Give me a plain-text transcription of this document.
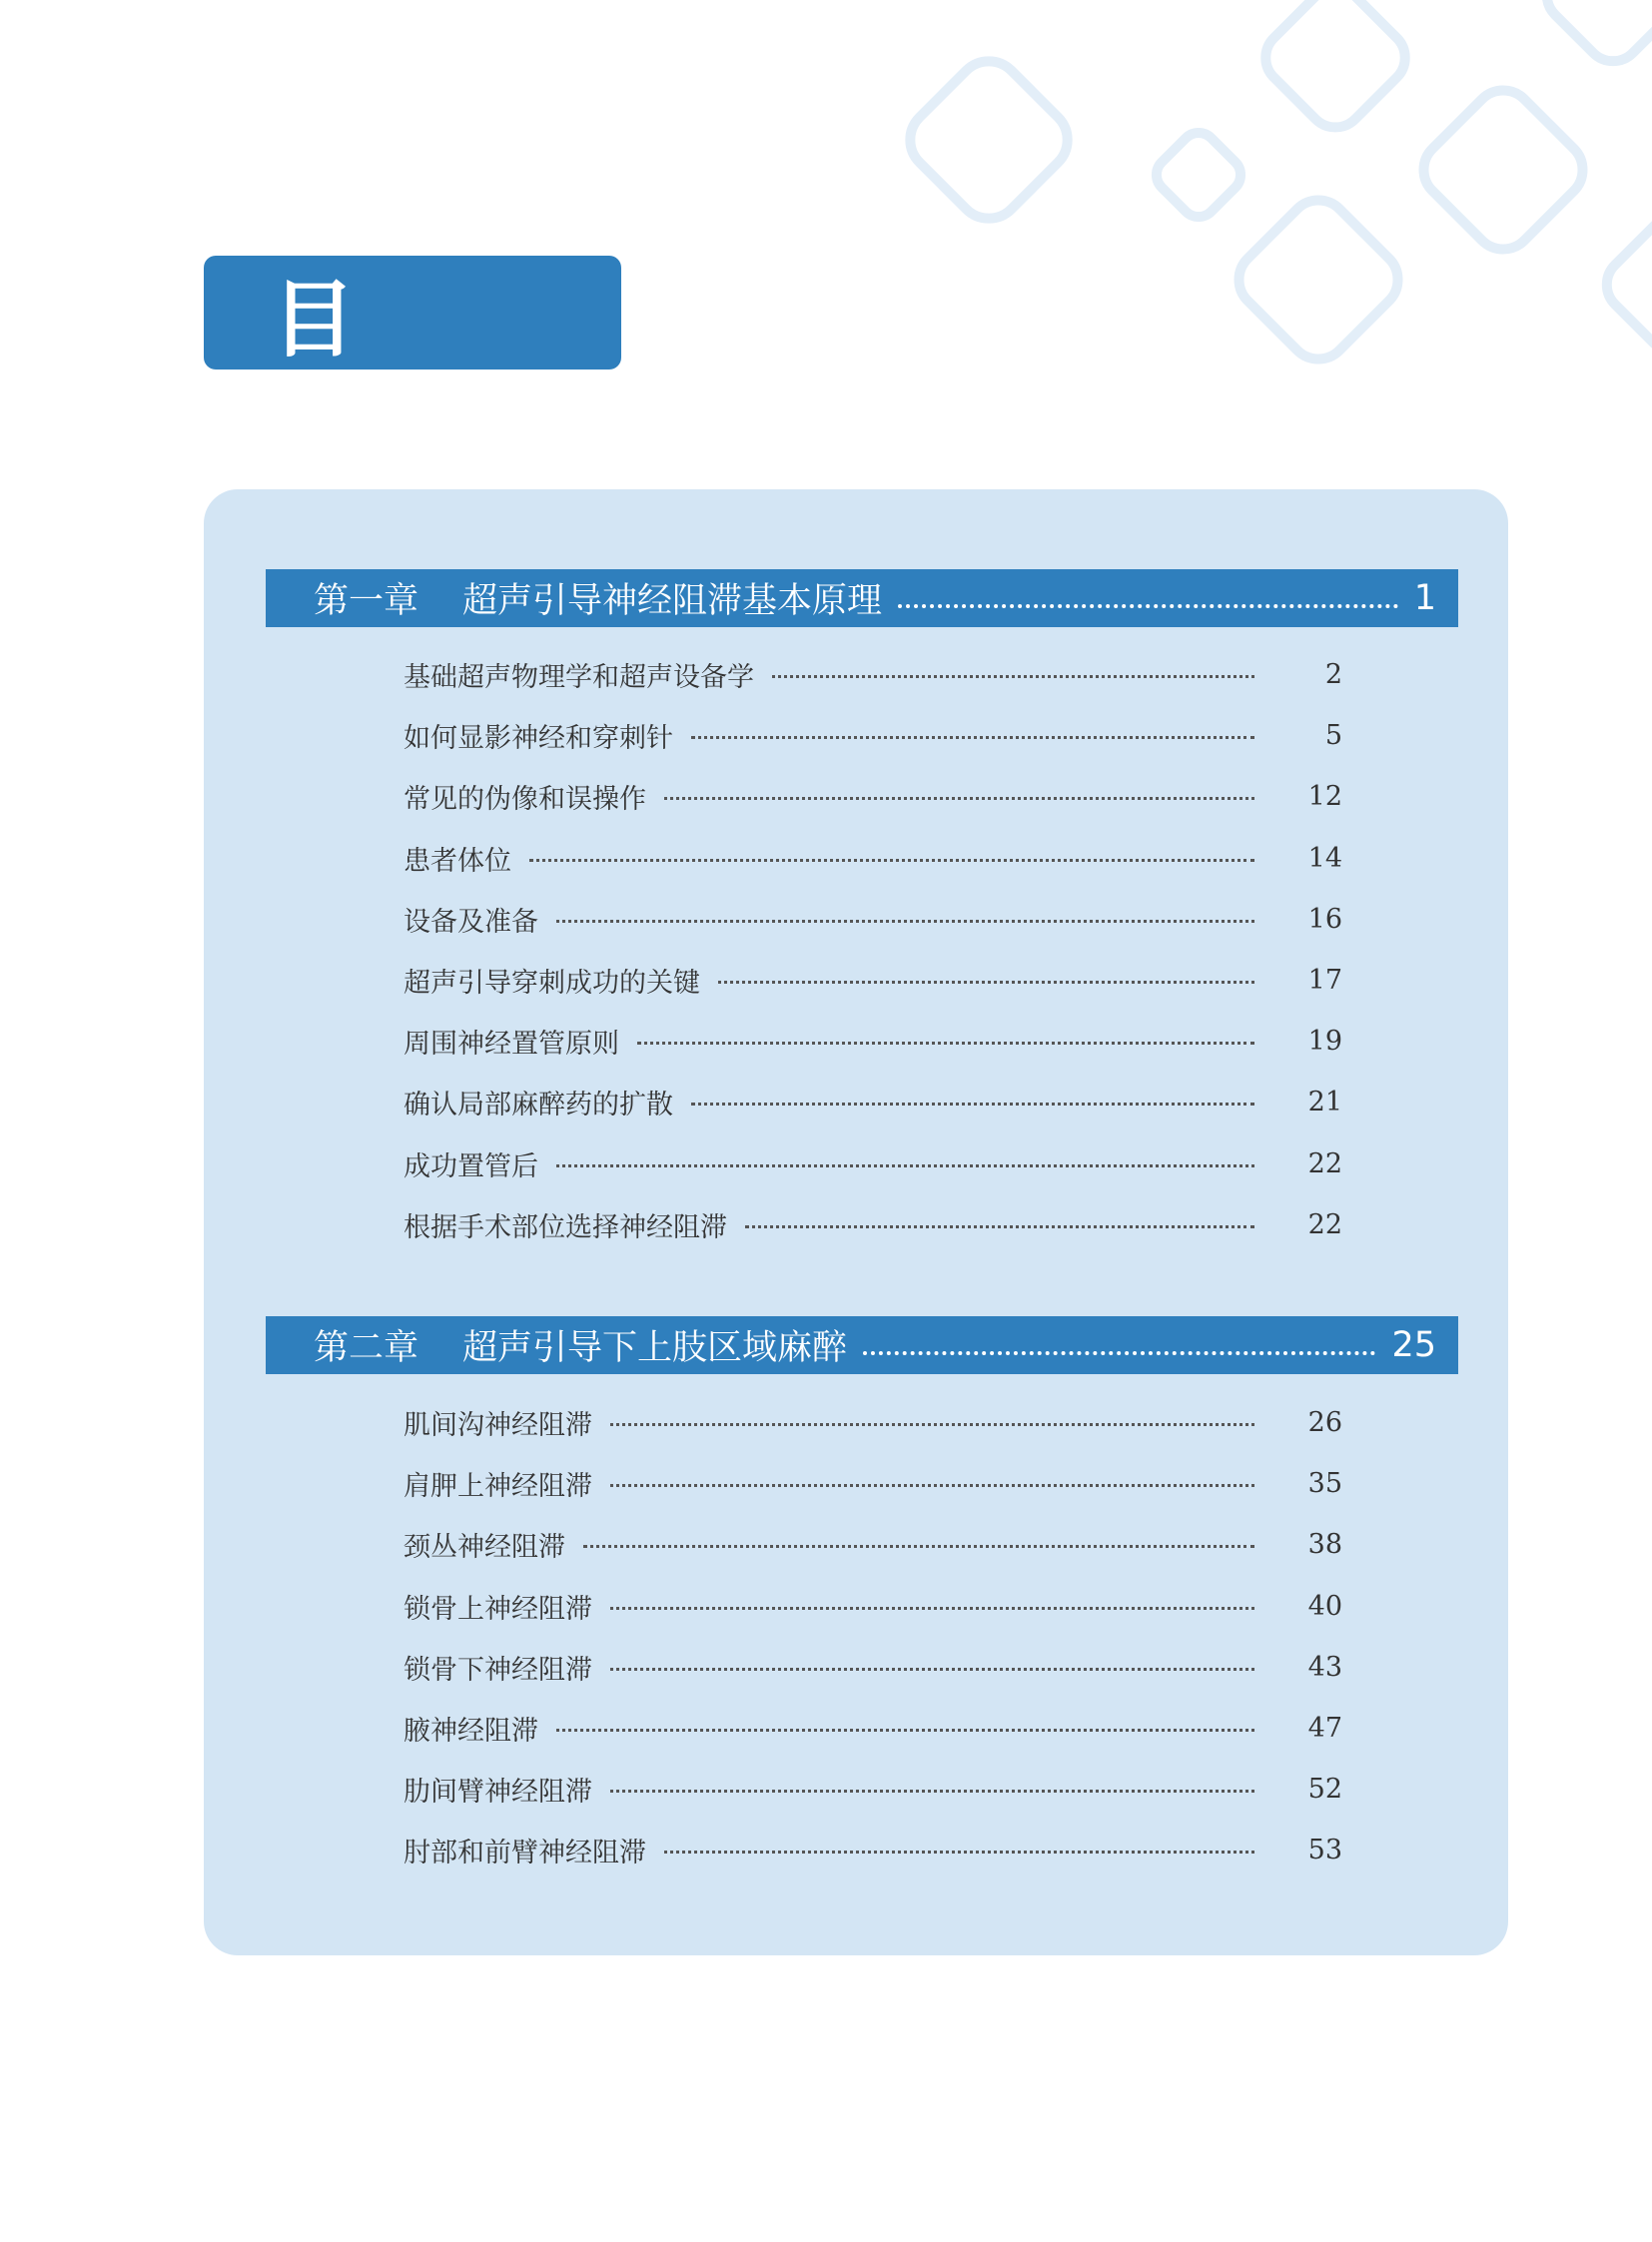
目　录
第一章 超声引导神经阻滞基本原理	1
基础超声物理学和超声设备学	2
如何显影神经和穿刺针	5
常见的伪像和误操作	12
患者体位	14
设备及准备	16
超声引导穿刺成功的关键	17
周围神经置管原则	19
确认局部麻醉药的扩散	21
成功置管后	22
根据手术部位选择神经阻滞	22
第二章 超声引导下上肢区域麻醉	25
肌间沟神经阻滞	26
肩胛上神经阻滞	35
颈丛神经阻滞	38
锁骨上神经阻滞	40
锁骨下神经阻滞	43
腋神经阻滞	47
肋间臂神经阻滞	52
肘部和前臂神经阻滞	53
